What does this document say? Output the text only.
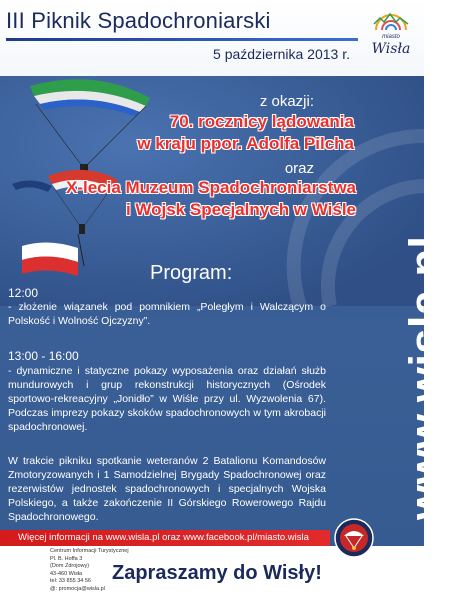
III Piknik Spadochroniarski
5 października 2013 r.
miasto
Wisła
z okazji:
70. rocznicy lądowania
w kraju ppor. Adolfa Pilcha
oraz
X-lecia Muzeum Spadochroniarstwa
i Wojsk Specjalnych w Wiśle
Program:
12:00
- złożenie wiązanek pod pomnikiem „Poległym i Walczącym o Polskość i Wolność Ojczyzny”.
13:00 - 16:00
- dynamiczne i statyczne pokazy wyposażenia oraz działań służb mundurowych i grup rekonstrukcji historycznych (Ośrodek sportowo-rekreacyjny „Jonidło” w Wiśle przy ul. Wyzwolenia 67). Podczas imprezy pokazy skoków spadochronowych w tym akrobacji spadochronowej.
W trakcie pikniku spotkanie weteranów 2 Batalionu Komandosów Zmotoryzowanych i 1 Samodzielnej Brygady Spadochronowej oraz rezerwistów jednostek spadochronowych i specjalnych Wojska Polskiego, a także zakończenie II Górskiego Rowerowego Rajdu Spadochronowego.	www.wisla.pl
Więcej informacji na www.wisla.pl oraz www.facebook.pl/miasto.wisla
Centrum Informacji Turystycznej
Pl. B. Hoffa 3
(Dom Zdrojowy)
43-460 Wisła
tel: 33 855 34 56
@: promocja@wisla.pl
Zapraszamy do Wisły!
